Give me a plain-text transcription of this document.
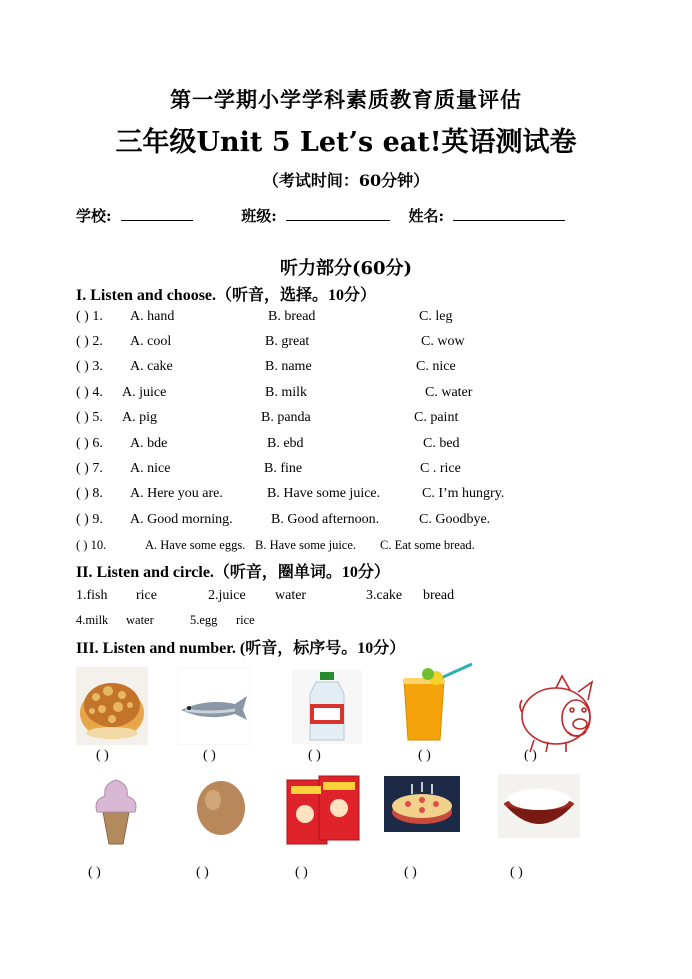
第一学期小学学科素质教育质量评估
三年级Unit 5 Let’s eat!英语测试卷
（考试时间：60分钟）
学校:	班级:	姓名:
听力部分(60分)
I. Listen and choose.（听音，选择。10分）
( ) 1. A. hand	B. bread	C. leg
( ) 2. A. cool	B. great	C. wow
( ) 3. A. cake	B. name	C. nice
( ) 4. A. juice	B. milk	C. water
( ) 5. A. pig	B. panda	C. paint
( ) 6. A. bde	B. ebd	C. bed
( ) 7. A. nice	B. fine	C . rice
( ) 8. A. Here you are.	B. Have some juice.	C. I’m hungry.
( ) 9. A. Good morning.	B. Good afternoon.	C. Goodbye.
( ) 10.	A. Have some eggs. B. Have some juice. C. Eat some bread.
II. Listen and circle.（听音，圈单词。10分）
1.fish rice	2.juice water	3.cake bread
4.milk water	5.egg rice
III. Listen and number. (听音，标序号。10分）
( )	( )	( )	( )	( )
( )	( )	( )	( )	( )
